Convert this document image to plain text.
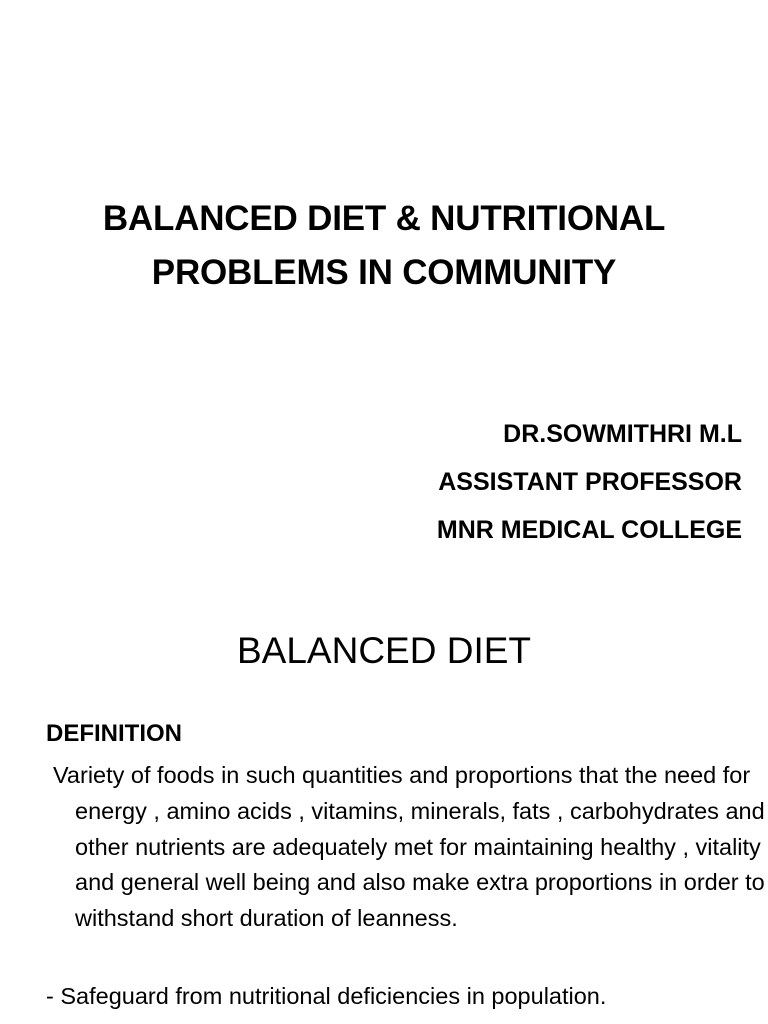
BALANCED DIET & NUTRITIONAL
PROBLEMS IN COMMUNITY
DR.SOWMITHRI M.L
ASSISTANT PROFESSOR
MNR MEDICAL COLLEGE
BALANCED DIET
DEFINITION

Variety of foods in such quantities and proportions that the need for energy , amino acids , vitamins, minerals, fats , carbohydrates and other nutrients are adequately met for maintaining healthy , vitality and general well being and also make extra proportions in order to withstand short duration of leanness.

- Safeguard from nutritional deficiencies in population.
